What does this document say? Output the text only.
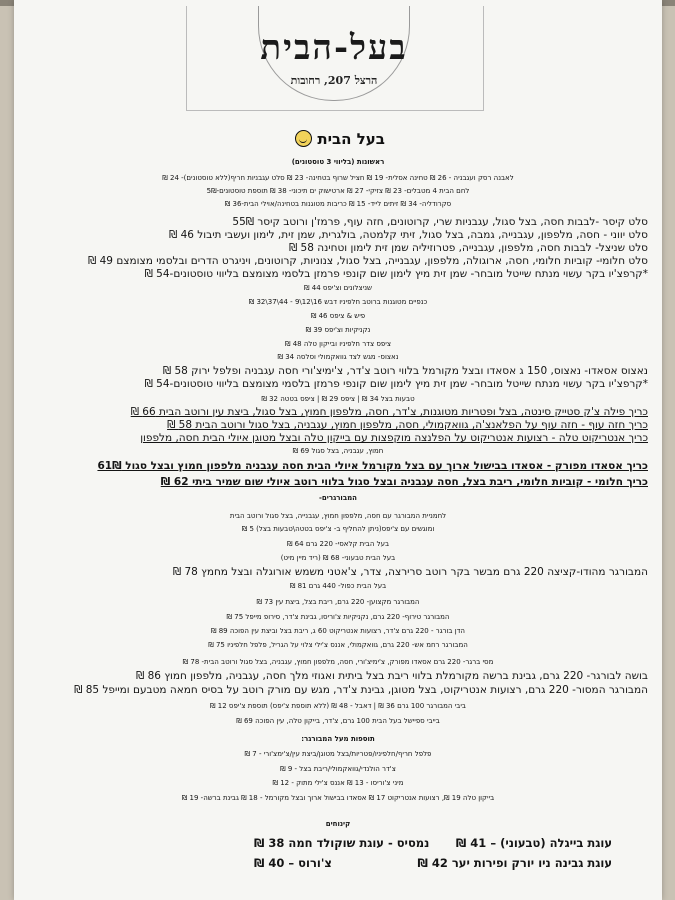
בעל-הבית
הרצל 207, רחובות
בעל הבית
ראשונות (בליווי 3 טוסטונים)
לאבנה רסק ועגבניה - 26 ₪ טחינה אסלית- 19 ₪ חציל שרוף בטחינה- 23 ₪ סלט עגבניות חריף(ללא טוסטונים)- 24 ₪
לחם הבית 4 מטבלים- 23 ₪ צזיקי- 27 ₪ ארטישוק ים תיכוני- 38 ₪ תוספת טוסטונים-5₪
סקרודליה- 34 ₪ זיתים לייד- 15 ₪ כריבות מטוגנות בטחינה/אוילי הבית-36 ₪
סלט קיסר -לבבות חסה, בצל סגול, עגבניות שרי, קרוטונים, חזה עוף, פרמז'ן ורוטב קיסר 55₪
סלט יווני - חסה, מלפפון, עגבנייה, גמבה, בצל סגול, זיתי קלמטה, בולגרית, שמן זית, לימון ועשבי תיבול 46 ₪
סלט שניצל- לבבות חסה, מלפפון, עגבנייה, פטרוזיליה שמן זית לימון וטחינה 58 ₪
סלט חלומי- קוביות חלומי, חסה, ארוגולה, מלפפון, עגבנייה, בצל סגול, צנוניות, קרוטונים, ויניגרט הדרים ובלסמי מצומצם 49 ₪
*קרפצ'יו בקר עשוי מנתח שייטל מובחר- שמן זית מיץ לימון שום קונפי פרמזן בלסמי מצומצם בליווי טוסטונים-54 ₪
שניצלונים וצ'יפס 44 ₪
כנפיים מטוגנות ברוטב חלפיניו דבש 16\12\9 - 44\37\32 ₪
פיש & ציפס 46 ₪
נקניקיות וצ'יפס 39 ₪
ציפס צדר חלפיניו ובייקון טלה 48 ₪
נאצוס- מגש לצד גוואקמולי וסלסה 34 ₪
נאצוס אסאדו- נאצוס, 150 ג אסאדו ובצל מקורמל בלווי רוטב צ'דר, צ'ימיצ'ורי חסה עגבניה ופלפל ירוק 58 ₪
*קרפצ'יו בקר עשוי מנתח שייטל מובחר- שמן זית מיץ לימון שום קונפי פרמזן בלסמי מצומצם בליווי טוסטונים-54 ₪
טבעות בצל 34 ₪ | ציפס 29 ₪ | ציפס בטטה 32 ₪
כריך פילה צ'ק סטייק סינטה, בצל ופטריות מטוגנות, צ'דר, חסה, מלפפון חמוץ, בצל סגול, ביצת עין ורוטב הבית 66 ₪
כריך חזה עוף - חזה עוף על הפלאנצ'ה, גוואקמולי, חסה, מלפפון חמוץ, עגבניה, בצל סגול ורוטב הבית 58 ₪
כריך אנטריקוט טלה - רצועות אנטריקוט על הפלנצה מוקפצות עם בייקון טלה ובצל מטוגן איולי הבית חסה, מלפפון
חמוץ, עגבניה, בצל סגול 69 ₪
כריך אסאדו מפורק - אסאדו בבישול ארוך עם בצל מקורמל איולי הבית חסה עגבניה מלפפון חמוץ ובצל סגול 61₪
כריך חלומי - קוביות חלומי, ריבת בצל, חסה עגבניה ובצל סגול בלווי רוטב איולי שום שמיר ביתי 62 ₪
המבורגרים-
לחמניית המבורגר עם חסה, מלפפון חמוץ, עגבנייה, בצל סגול ורוטב הבית
ומוגשים עם צ'יפס(ניתן להחליף ב- צ'יפס בטטה\טבעות בצל) 5 ₪
בעל הבית קלאסי- 220 גרם 64 ₪
בעל הבית טבעוני- 68 ₪ (ריד מיין מיט)
המבורגר מהודו-קציצה 220 גרם מבשר בקר רוטב סרירצה, צדר, צ'אטני משמש אורוגלה ובצל מחמץ 78 ₪
בעל הבית כפול- 440 גרם 81 ₪
המבורגר מקצוען- 220 גרם, ריבת בצל, ביצת עין 73 ₪
המבורגר טירוף- 220 גרם, נקניקיות צ'וריסו, גבינת צ'דר, סירופ מייפל 75 ₪
הדן בורגר - 220 גרם צ'דר, רצועות אנטריקוט 60 ג, ריבת בצל וביצת עין הפוכה 89 ₪
המבורגר רחמ אש- 220 גרם, גוואקמולי, אננס צ'ילי צלוי על הגריל, פלפל חלפיניו 75 ₪
מסי ברגר- 220 גרם אסאדו מפורק, צ'ימיצ'ורי, חסה, מלפפון חמוץ, עגבניה, בצל סגול ורוטב הבית- 78 ₪
בושה לבורגר- 220 גרם, גבינת ברשה מקורמלת בלווי ריבת בצל ביתית ואגוזי מלך חסה, עגבניה, מלפפון חמוץ 86 ₪
המבורגר המסור- 220 גרם, רצועות אנטריקוט, בצל מטוגן, גבינת צ'דר, מגש עם מורק רוטב על בסיס חמאה מטבעם ומייפל 85 ₪
ביבי המבורגר 100 גרם 36 ₪ | דאבל - 48 ₪ (ללא תוספת צ'יפס) תוספת צ'יפס 12 ₪
בייבי ספיישל בעל הבית 100 גרם, צ'דר, בייקון טלה, עין הפוכה 69 ₪
תוספות מעל המבורגר:
פלפל חריף/חלפיניו/פטריות/בצל מטוגן/ביצת עין/צ'ימצ'ורי - 7 ₪
צ'דר הולנדי/גוואקמולי/ריבת בצל - 9 ₪
מיני צ'וריסו - 13 ₪ אננס צ'ילי מתוק - 12 ₪
בייקון טלה 19 ₪, רצועות אנטריקוט 17 ₪ אסאדו בבישול ארוך ובצל מקורמל - 18 ₪ גבינת ברשה- 19 ₪
קינוחים
עוגת בייגלה (טבעוני) – 41 ₪
נמסיס - עוגת שוקולד חמה 38 ₪
עוגת גבינה ניו יורק ופירות יער 42 ₪
צ'ורוס – 40 ₪
